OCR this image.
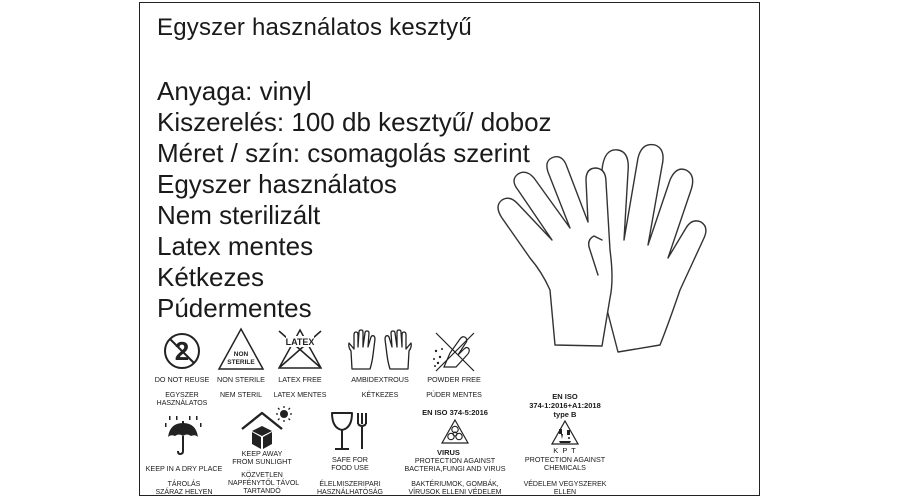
Egyszer használatos kesztyű
Anyaga: vinyl
Kiszerelés: 100 db kesztyű/ doboz
Méret / szín: csomagolás szerint
Egyszer használatos
Nem sterilizált
Latex mentes
Kétkezes
Púdermentes
2
DO NOT REUSE
EGYSZER
HASZNÁLATOS
NON
STERILE
NON STERILE
NEM STERIL
LATEX
LATEX FREE
LATEX MENTES
AMBIDEXTROUS
KÉTKEZES
POWDER FREE
PÚDER MENTES
KEEP IN A DRY PLACE
TÁROLÁS
SZÁRAZ HELYEN
KEEP AWAY
FROM SUNLIGHT
KÖZVETLEN
NAPFÉNYTŐL TÁVOL
TARTANDÓ
SAFE FOR
FOOD USE
ÉLELMISZERIPARI
HASZNÁLHATÓSÁG
EN ISO 374-5:2016
VIRUS
PROTECTION AGAINST
BACTERIA,FUNGI AND VIRUS
BAKTÉRIUMOK, GOMBÁK,
VÍRUSOK ELLENI VÉDELEM
EN ISO
374-1:2016+A1:2018
type B
K P T
PROTECTION AGAINST
CHEMICALS
VÉDELEM VEGYSZEREK
ELLEN
